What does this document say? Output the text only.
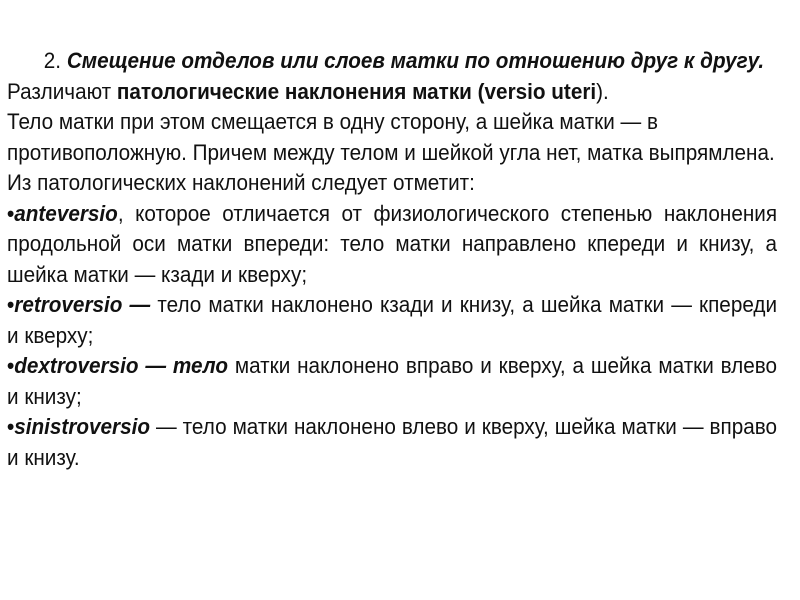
2. Смещение отделов или слоев матки по отношению друг к другу.

Различают патологические наклонения матки (versio uteri).

Тело матки при этом смещается в одну сторону, а шейка матки — в противоположную. Причем между телом и шейкой угла нет, матка выпрямлена.

Из патологических наклонений следует отметит:

•anteversio, которое отличается от физиологического степенью наклонения продольной оси матки впереди: тело матки направлено кпереди и книзу, а шейка матки — кзади и кверху;

•retroversio — тело матки наклонено кзади и книзу, а шейка матки — кпереди и кверху;

•dextroversio — тело матки наклонено вправо и кверху, а шейка матки влево и книзу;

•sinistroversio — тело матки наклонено влево и кверху, шейка матки — вправо и книзу.
